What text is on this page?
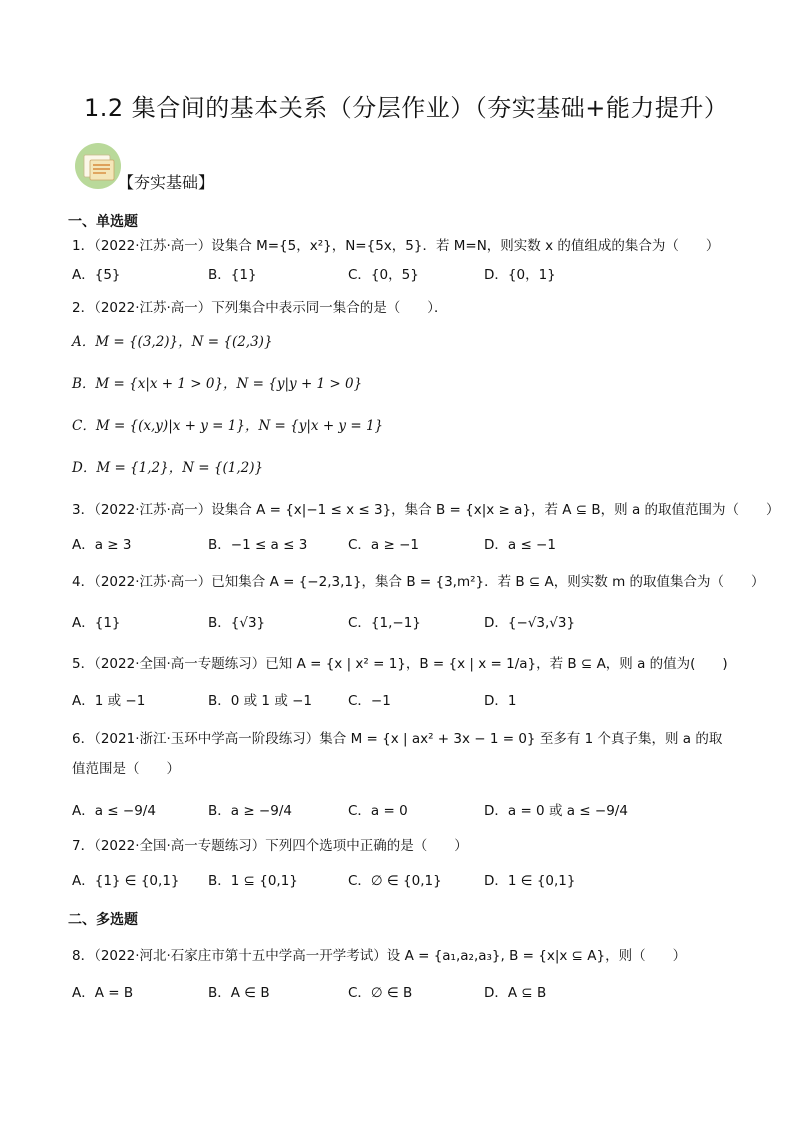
1.2 集合间的基本关系（分层作业）（夯实基础+能力提升）
【夯实基础】
一、单选题
1．（2022·江苏·高一）设集合 M={5，x²}，N={5x，5}．若 M=N，则实数 x 的值组成的集合为（　　）
A．{5}	B．{1}	C．{0，5}	D．{0，1}
2．（2022·江苏·高一）下列集合中表示同一集合的是（　　）．
A．M = {(3,2)}，N = {(2,3)}
B．M = {x|x + 1 > 0}，N = {y|y + 1 > 0}
C．M = {(x,y)|x + y = 1}，N = {y|x + y = 1}
D．M = {1,2}，N = {(1,2)}
3．（2022·江苏·高一）设集合 A = {x|−1 ≤ x ≤ 3}，集合 B = {x|x ≥ a}，若 A ⊆ B，则 a 的取值范围为（　　）
A．a ≥ 3	B．−1 ≤ a ≤ 3	C．a ≥ −1	D．a ≤ −1
4．（2022·江苏·高一）已知集合 A = {−2,3,1}，集合 B = {3,m²}．若 B ⊆ A，则实数 m 的取值集合为（　　）
A．{1}	B．{√3}	C．{1,−1}	D．{−√3,√3}
5．（2022·全国·高一专题练习）已知 A = {x | x² = 1}，B = {x | x = 1/a}，若 B ⊆ A，则 a 的值为(　　)
A．1 或 −1	B．0 或 1 或 −1	C．−1	D．1
6．（2021·浙江·玉环中学高一阶段练习）集合 M = {x | ax² + 3x − 1 = 0} 至多有 1 个真子集，则 a 的取值范围是（　　）
A．a ≤ −9/4	B．a ≥ −9/4	C．a = 0	D．a = 0 或 a ≤ −9/4
7．（2022·全国·高一专题练习）下列四个选项中正确的是（　　）
A．{1} ∈ {0,1} B．1 ⊆ {0,1}	C．∅ ∈ {0,1}	D．1 ∈ {0,1}
二、多选题
8．（2022·河北·石家庄市第十五中学高一开学考试）设 A = {a₁,a₂,a₃}, B = {x|x ⊆ A}，则（　　）
A．A = B	B．A ∈ B	C．∅ ∈ B	D．A ⊆ B
